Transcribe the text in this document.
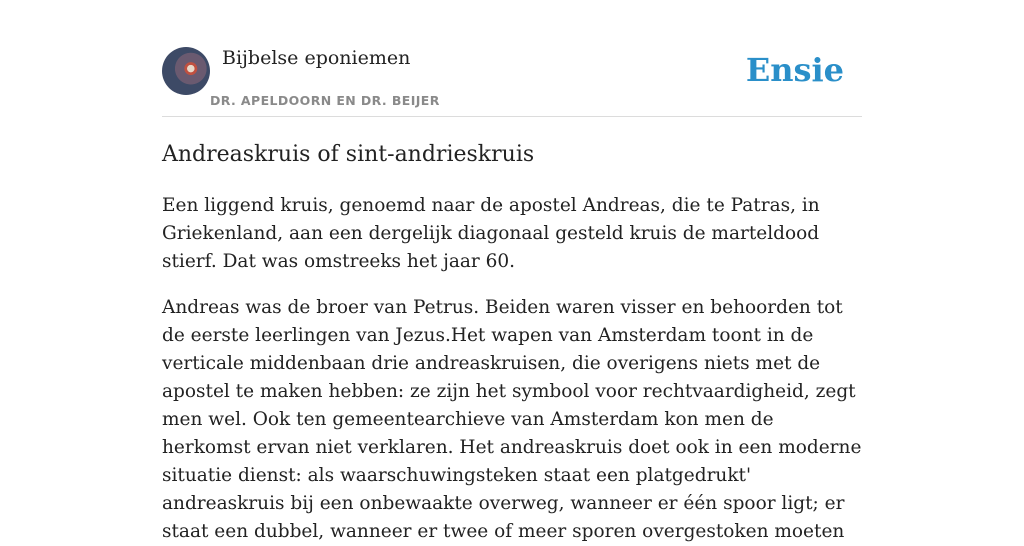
Bijbelse eponiemen
DR. APELDOORN EN DR. BEIJER
Ensie
Andreaskruis of sint-andrieskruis

Een liggend kruis, genoemd naar de apostel Andreas, die te Patras, in Griekenland, aan een dergelijk diagonaal gesteld kruis de marteldood stierf. Dat was omstreeks het jaar 60.

Andreas was de broer van Petrus. Beiden waren visser en behoorden tot de eerste leerlingen van Jezus.Het wapen van Amsterdam toont in de verticale middenbaan drie andreaskruisen, die overigens niets met de apostel te maken hebben: ze zijn het symbool voor rechtvaardigheid, zegt men wel. Ook ten gemeentearchieve van Amsterdam kon men de herkomst ervan niet verklaren. Het andreaskruis doet ook in een moderne situatie dienst: als waarschuwingsteken staat een platgedrukt' andreaskruis bij een onbewaakte overweg, wanneer er één spoor ligt; er staat een dubbel, wanneer er twee of meer sporen overgestoken moeten
